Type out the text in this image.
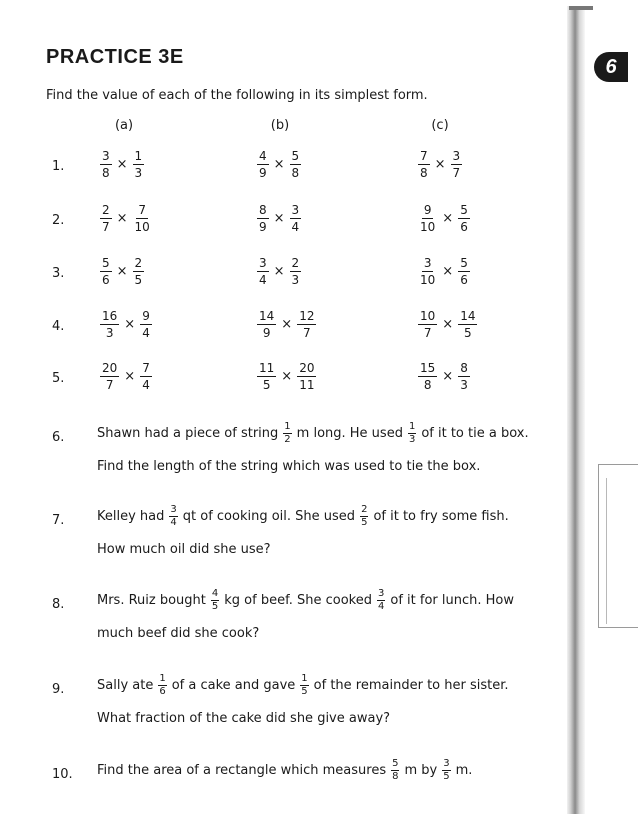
6
PRACTICE 3E
Find the value of each of the following in its simplest form.
(a)	(b)	(c)
1.	$\frac{3}{8} \times \frac{1}{3}$	$\frac{4}{9} \times \frac{5}{8}$	$\frac{7}{8} \times \frac{3}{7}$
2.	$\frac{2}{7} \times \frac{7}{10}$	$\frac{8}{9} \times \frac{3}{4}$	$\frac{9}{10} \times \frac{5}{6}$
3.	$\frac{5}{6} \times \frac{2}{5}$	$\frac{3}{4} \times \frac{2}{3}$	$\frac{3}{10} \times \frac{5}{6}$
4.	$\frac{16}{3} \times \frac{9}{4}$	$\frac{14}{9} \times \frac{12}{7}$	$\frac{10}{7} \times \frac{14}{5}$
5.	$\frac{20}{7} \times \frac{7}{4}$	$\frac{11}{5} \times \frac{20}{11}$	$\frac{15}{8} \times \frac{8}{3}$
6.	Shawn had a piece of string $\frac{1}{2}$ m long. He used $\frac{1}{3}$ of it to tie a box.
Find the length of the string which was used to tie the box.
7.	Kelley had $\frac{3}{4}$ qt of cooking oil. She used $\frac{2}{5}$ of it to fry some fish.
How much oil did she use?
8.	Mrs. Ruiz bought $\frac{4}{5}$ kg of beef. She cooked $\frac{3}{4}$ of it for lunch. How
much beef did she cook?
9.	Sally ate $\frac{1}{6}$ of a cake and gave $\frac{1}{5}$ of the remainder to her sister.
What fraction of the cake did she give away?
10. Find the area of a rectangle which measures $\frac{5}{8}$ m by $\frac{3}{5} m$.
